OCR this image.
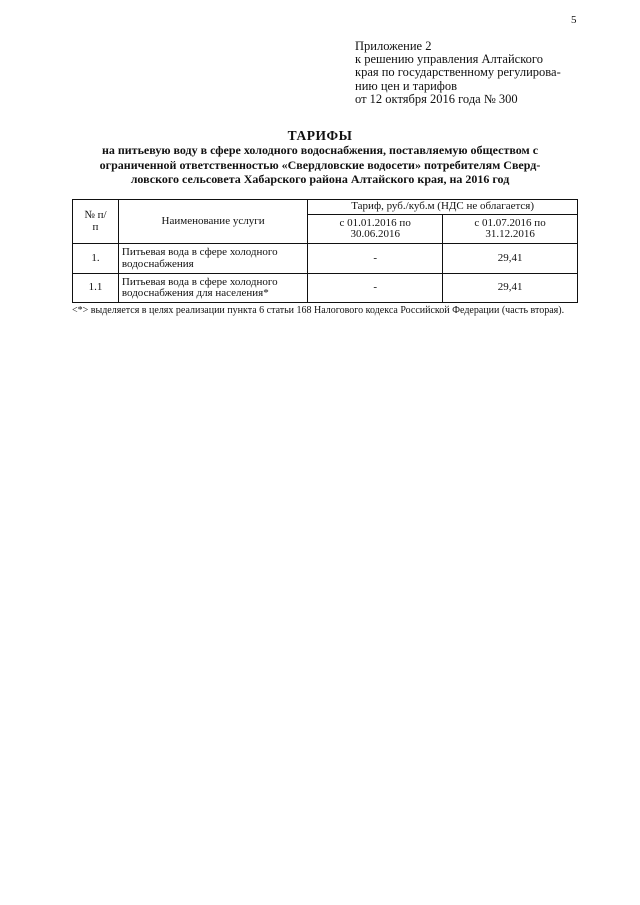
5
Приложение 2
к решению управления Алтайского
края по государственному регулирова-
нию цен и тарифов
от 12 октября 2016 года № 300
ТАРИФЫ
на питьевую воду в сфере холодного водоснабжения, поставляемую обществом с
ограниченной ответственностью «Свердловские водосети» потребителям Сверд-
ловского сельсовета Хабарского района Алтайского края, на 2016 год
№ п/п	Наименование услуги	Тариф, руб./куб.м (НДС не облагается)	
		с 01.01.2016 по 30.06.2016	с 01.07.2016 по 31.12.2016
1.	Питьевая вода в сфере холодного водоснабжения	-	29,41
1.1	Питьевая вода в сфере холодного водоснабжения для населения*	-	29,41
<*> выделяется в целях реализации пункта 6 статьи 168 Налогового кодекса Российской Федерации (часть вторая).
